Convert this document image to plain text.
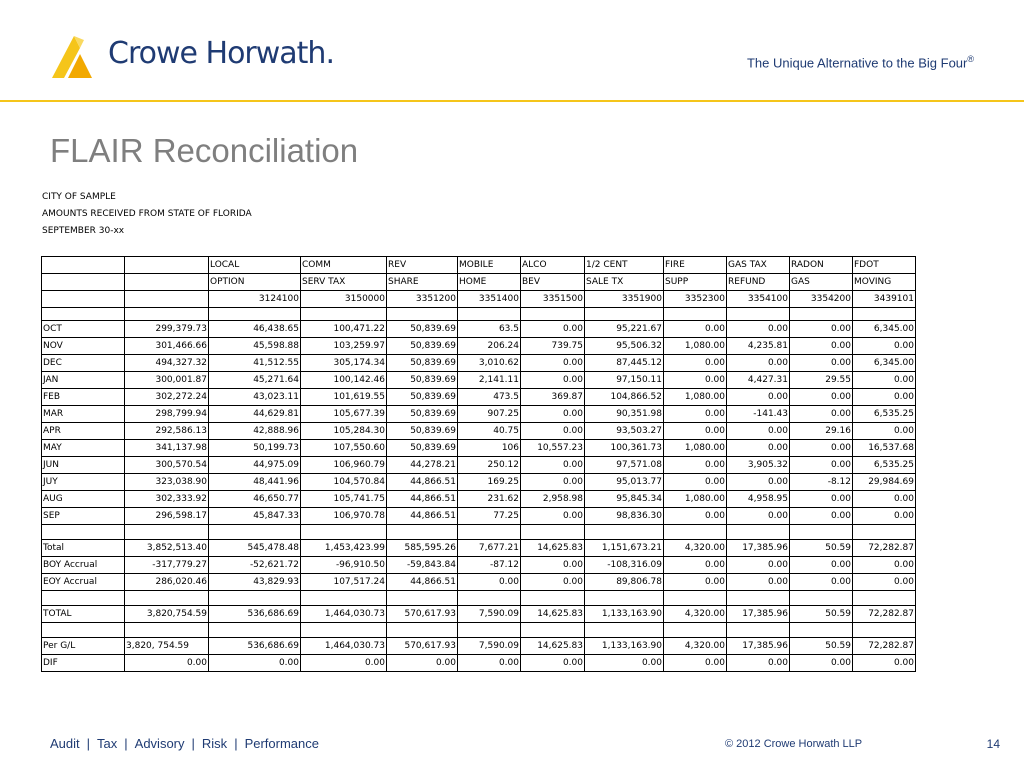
Crowe Horwath.	The Unique Alternative to the Big Four®
FLAIR Reconciliation
CITY OF SAMPLE
AMOUNTS RECEIVED FROM STATE OF FLORIDA
SEPTEMBER 30-xx
		LOCAL	COMM	REV	MOBILE	ALCO	1/2 CENT	FIRE	GAS TAX	RADON	FDOT
		OPTION	SERV TAX	SHARE	HOME	BEV	SALE TX	SUPP	REFUND	GAS	MOVING
		3124100	3150000	3351200	3351400	3351500	3351900	3352300	3354100	3354200	3439101

OCT	299,379.73	46,438.65	100,471.22	50,839.69	63.5	0.00	95,221.67	0.00	0.00	0.00	6,345.00
NOV	301,466.66	45,598.88	103,259.97	50,839.69	206.24	739.75	95,506.32	1,080.00	4,235.81	0.00	0.00
DEC	494,327.32	41,512.55	305,174.34	50,839.69	3,010.62	0.00	87,445.12	0.00	0.00	0.00	6,345.00
JAN	300,001.87	45,271.64	100,142.46	50,839.69	2,141.11	0.00	97,150.11	0.00	4,427.31	29.55	0.00
FEB	302,272.24	43,023.11	101,619.55	50,839.69	473.5	369.87	104,866.52	1,080.00	0.00	0.00	0.00
MAR	298,799.94	44,629.81	105,677.39	50,839.69	907.25	0.00	90,351.98	0.00	-141.43	0.00	6,535.25
APR	292,586.13	42,888.96	105,284.30	50,839.69	40.75	0.00	93,503.27	0.00	0.00	29.16	0.00
MAY	341,137.98	50,199.73	107,550.60	50,839.69	106	10,557.23	100,361.73	1,080.00	0.00	0.00	16,537.68
JUN	300,570.54	44,975.09	106,960.79	44,278.21	250.12	0.00	97,571.08	0.00	3,905.32	0.00	6,535.25
JUY	323,038.90	48,441.96	104,570.84	44,866.51	169.25	0.00	95,013.77	0.00	0.00	-8.12	29,984.69
AUG	302,333.92	46,650.77	105,741.75	44,866.51	231.62	2,958.98	95,845.34	1,080.00	4,958.95	0.00	0.00
SEP	296,598.17	45,847.33	106,970.78	44,866.51	77.25	0.00	98,836.30	0.00	0.00	0.00	0.00

Total	3,852,513.40	545,478.48	1,453,423.99	585,595.26	7,677.21	14,625.83	1,151,673.21	4,320.00	17,385.96	50.59	72,282.87
BOY Accrual	-317,779.27	-52,621.72	-96,910.50	-59,843.84	-87.12	0.00	-108,316.09	0.00	0.00	0.00	0.00
EOY Accrual	286,020.46	43,829.93	107,517.24	44,866.51	0.00	0.00	89,806.78	0.00	0.00	0.00	0.00

TOTAL	3,820,754.59	536,686.69	1,464,030.73	570,617.93	7,590.09	14,625.83	1,133,163.90	4,320.00	17,385.96	50.59	72,282.87

Per G/L	3,820, 754.59	536,686.69	1,464,030.73	570,617.93	7,590.09	14,625.83	1,133,163.90	4,320.00	17,385.96	50.59	72,282.87
DIF	0.00	0.00	0.00	0.00	0.00	0.00	0.00	0.00	0.00	0.00	0.00
Audit | Tax | Advisory | Risk | Performance	© 2012 Crowe Horwath LLP	14
